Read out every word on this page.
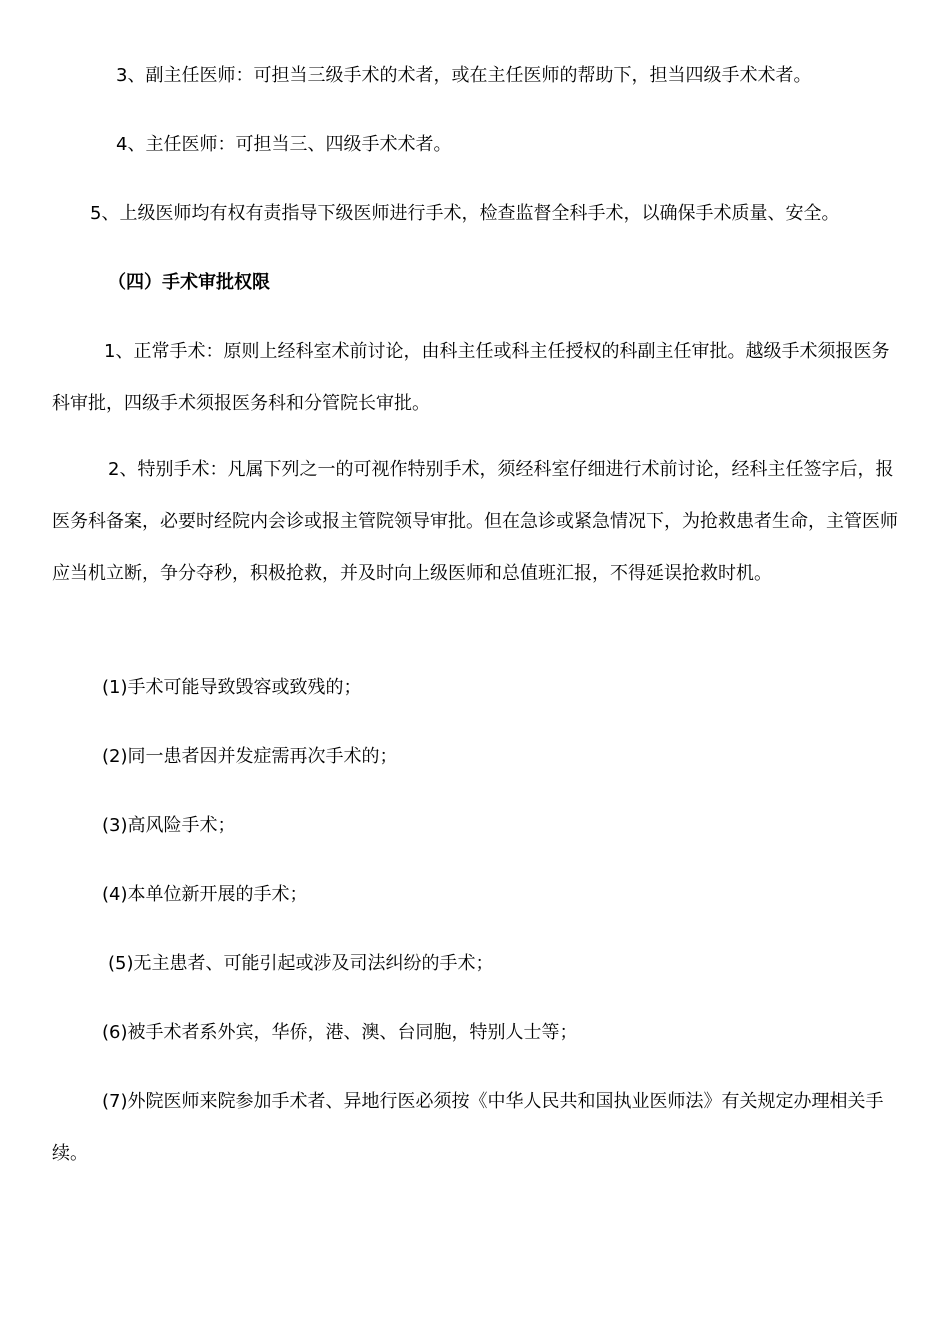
3、副主任医师：可担当三级手术的术者，或在主任医师的帮助下，担当四级手术术者。

4、主任医师：可担当三、四级手术术者。

5、上级医师均有权有责指导下级医师进行手术，检查监督全科手术，以确保手术质量、安全。

（四）手术审批权限

1、正常手术：原则上经科室术前讨论，由科主任或科主任授权的科副主任审批。越级手术须报医务科审批，四级手术须报医务科和分管院长审批。

2、特别手术：凡属下列之一的可视作特别手术，须经科室仔细进行术前讨论，经科主任签字后，报医务科备案，必要时经院内会诊或报主管院领导审批。但在急诊或紧急情况下，为抢救患者生命，主管医师应当机立断，争分夺秒，积极抢救，并及时向上级医师和总值班汇报，不得延误抢救时机。

(1)手术可能导致毁容或致残的；

(2)同一患者因并发症需再次手术的；

(3)高风险手术；

(4)本单位新开展的手术；

(5)无主患者、可能引起或涉及司法纠纷的手术；

(6)被手术者系外宾，华侨，港、澳、台同胞，特别人士等；

(7)外院医师来院参加手术者、异地行医必须按《中华人民共和国执业医师法》有关规定办理相关手续。
